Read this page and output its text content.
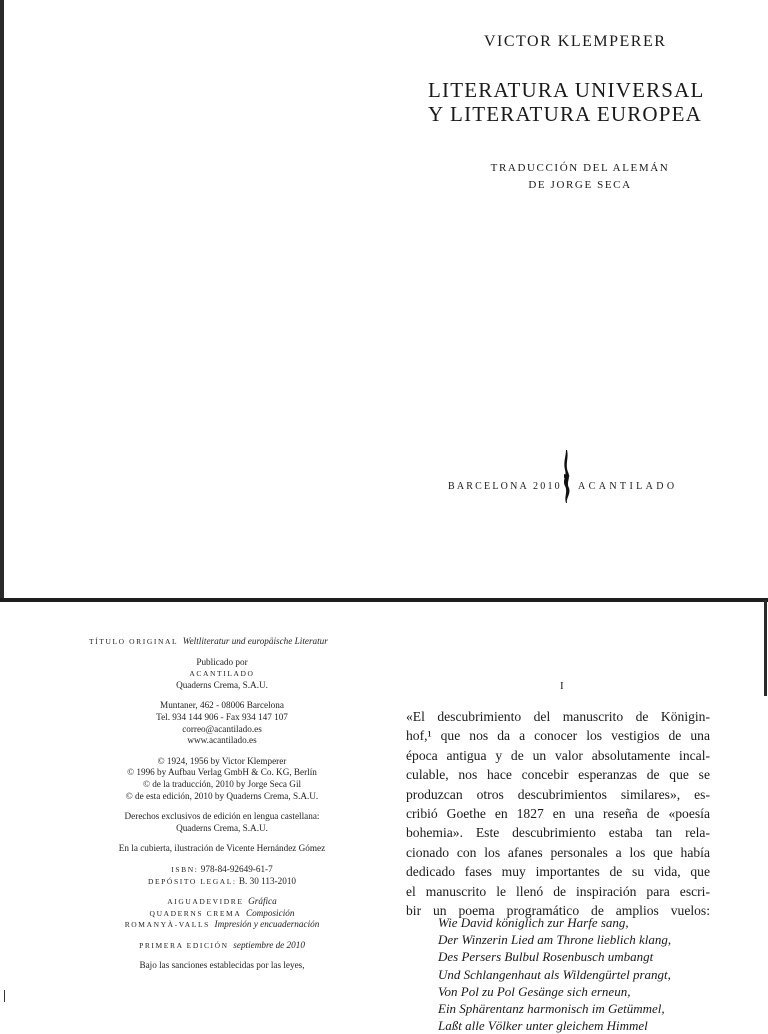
VICTOR KLEMPERER
LITERATURA UNIVERSAL
Y LITERATURA EUROPEA
TRADUCCIÓN DEL ALEMÁN
DE JORGE SECA
BARCELONA 2010 ACANTILADO
TÍTULO ORIGINAL Weltliteratur und europäische Literatur
Publicado por
ACANTILADO
Quaderns Crema, S.A.U.
Muntaner, 462 - 08006 Barcelona
Tel. 934 144 906 - Fax 934 147 107
correo@acantilado.es
www.acantilado.es
© 1924, 1956 by Victor Klemperer
© 1996 by Aufbau Verlag GmbH & Co. KG, Berlín
© de la traducción, 2010 by Jorge Seca Gil
© de esta edición, 2010 by Quaderns Crema, S.A.U.
Derechos exclusivos de edición en lengua castellana:
Quaderns Crema, S.A.U.
En la cubierta, ilustración de Vicente Hernández Gómez
ISBN: 978-84-92649-61-7
DEPÓSITO LEGAL: B. 30 113-2010
AIGUADEVIDRE Gráfica
QUADERNS CREMA Composición
ROMANYÀ-VALLS Impresión y encuadernación
PRIMERA EDICIÓN septiembre de 2010
Bajo las sanciones establecidas por las leyes,
I
«El descubrimiento del manuscrito de Königin-
hof,¹ que nos da a conocer los vestigios de una
época antigua y de un valor absolutamente incal-
culable, nos hace concebir esperanzas de que se
produzcan otros descubrimientos similares», es-
cribió Goethe en 1827 en una reseña de «poesía
bohemia». Este descubrimiento estaba tan rela-
cionado con los afanes personales a los que había
dedicado fases muy importantes de su vida, que
el manuscrito le llenó de inspiración para escri-
bir un poema programático de amplios vuelos:
Wie David königlich zur Harfe sang,
Der Winzerin Lied am Throne lieblich klang,
Des Persers Bulbul Rosenbusch umbangt
Und Schlangenhaut als Wildengürtel prangt,
Von Pol zu Pol Gesänge sich erneun,
Ein Sphärentanz harmonisch im Getümmel,
Laßt alle Völker unter gleichem Himmel
